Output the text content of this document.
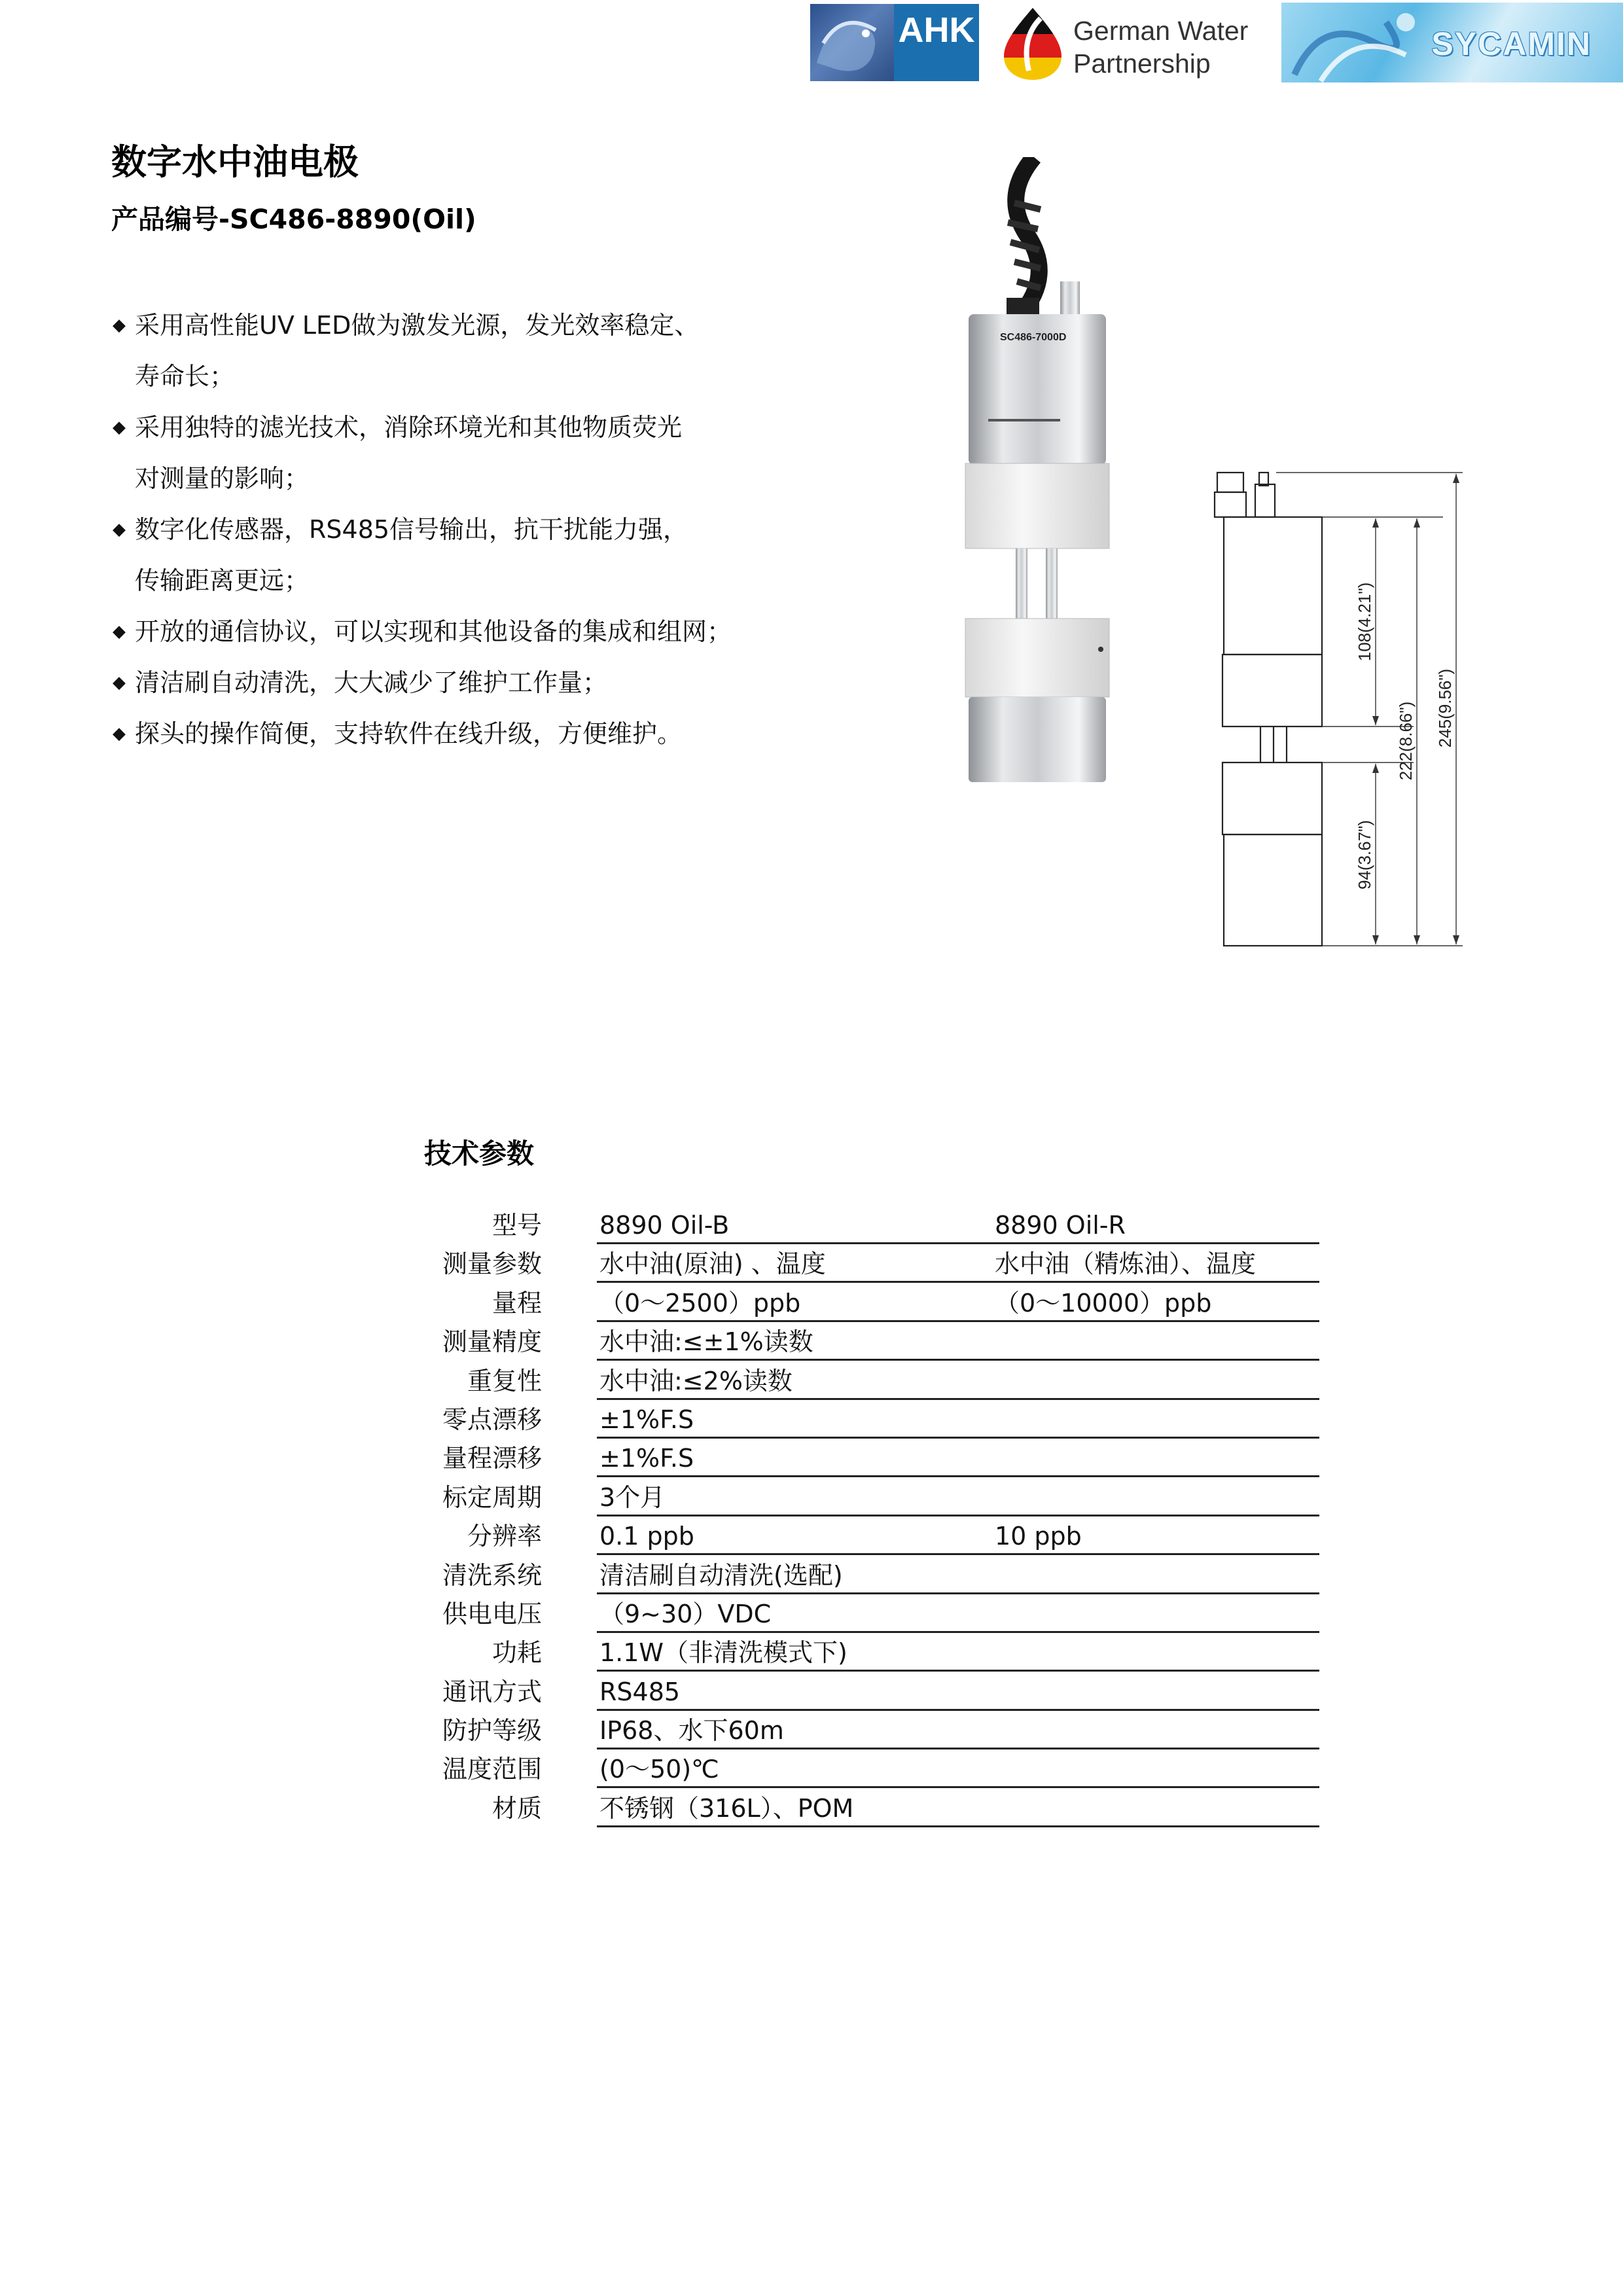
AHK	German Water
Partnership
SYCAMIN
数字水中油电极
产品编号-SC486-8890(Oil)
◆ 采用高性能UV LED做为激发光源，发光效率稳定、
寿命长；
◆ 采用独特的滤光技术，消除环境光和其他物质荧光
对测量的影响；
◆ 数字化传感器，RS485信号输出，抗干扰能力强，
传输距离更远；
◆ 开放的通信协议，可以实现和其他设备的集成和组网；
◆ 清洁刷自动清洗，大大减少了维护工作量；
◆ 探头的操作简便，支持软件在线升级，方便维护。
SC486-7000D
108(4.21")
94(3.67")
222(8.66") 245(9.56")
技术参数
型号 8890 Oil-B	8890 Oil-R
测量参数 水中油(原油) 、温度	水中油（精炼油）、温度
量程 （0～2500）ppb	（0～10000）ppb
测量精度 水中油:≤±1%读数
重复性 水中油:≤2%读数
零点漂移 ±1%F.S
量程漂移 ±1%F.S
标定周期 3个月
分辨率 0.1 ppb	10 ppb
清洗系统 清洁刷自动清洗(选配)
供电电压 （9~30）VDC
功耗 1.1W（非清洗模式下)
通讯方式 RS485
防护等级 IP68、水下60m
温度范围 (0～50)℃
材质 不锈钢（316L）、POM
